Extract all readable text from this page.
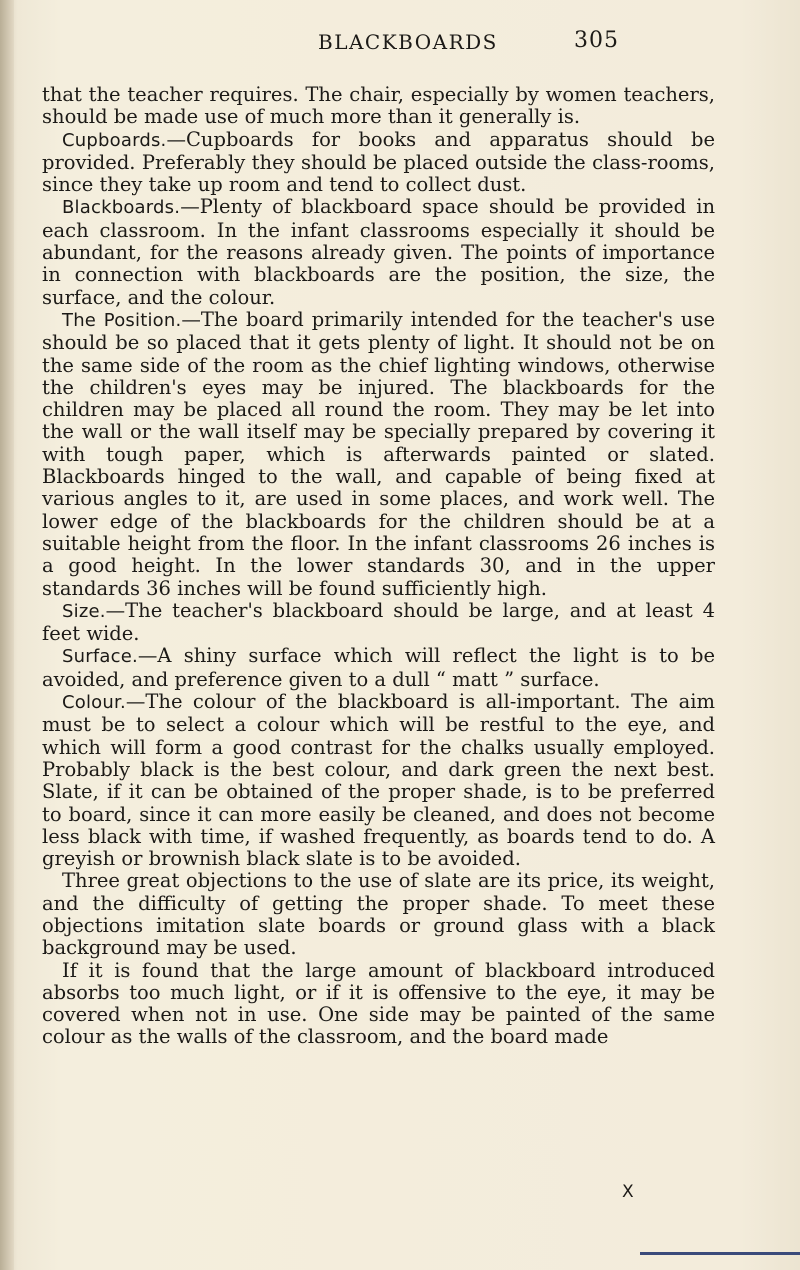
BLACKBOARDS	305

that the teacher requires. The chair, especially by women teachers, should be made use of much more than it generally is.

Cupboards.—Cupboards for books and apparatus should be provided. Preferably they should be placed outside the class-rooms, since they take up room and tend to collect dust.

Blackboards.—Plenty of blackboard space should be provided in each classroom. In the infant classrooms especially it should be abundant, for the reasons already given. The points of importance in connection with blackboards are the position, the size, the surface, and the colour.

The Position.—The board primarily intended for the teacher's use should be so placed that it gets plenty of light. It should not be on the same side of the room as the chief lighting windows, otherwise the children's eyes may be injured. The blackboards for the children may be placed all round the room. They may be let into the wall or the wall itself may be specially prepared by covering it with tough paper, which is afterwards painted or slated. Blackboards hinged to the wall, and capable of being fixed at various angles to it, are used in some places, and work well. The lower edge of the blackboards for the children should be at a suitable height from the floor. In the infant classrooms 26 inches is a good height. In the lower standards 30, and in the upper standards 36 inches will be found sufficiently high.

Size.—The teacher's blackboard should be large, and at least 4 feet wide.

Surface.—A shiny surface which will reflect the light is to be avoided, and preference given to a dull “ matt ” surface.

Colour.—The colour of the blackboard is all-important. The aim must be to select a colour which will be restful to the eye, and which will form a good contrast for the chalks usually employed. Probably black is the best colour, and dark green the next best. Slate, if it can be obtained of the proper shade, is to be preferred to board, since it can more easily be cleaned, and does not become less black with time, if washed frequently, as boards tend to do. A greyish or brownish black slate is to be avoided.

Three great objections to the use of slate are its price, its weight, and the difficulty of getting the proper shade. To meet these objections imitation slate boards or ground glass with a black background may be used.

If it is found that the large amount of blackboard introduced absorbs too much light, or if it is offensive to the eye, it may be covered when not in use. One side may be painted of the same colour as the walls of the classroom, and the board made

X
